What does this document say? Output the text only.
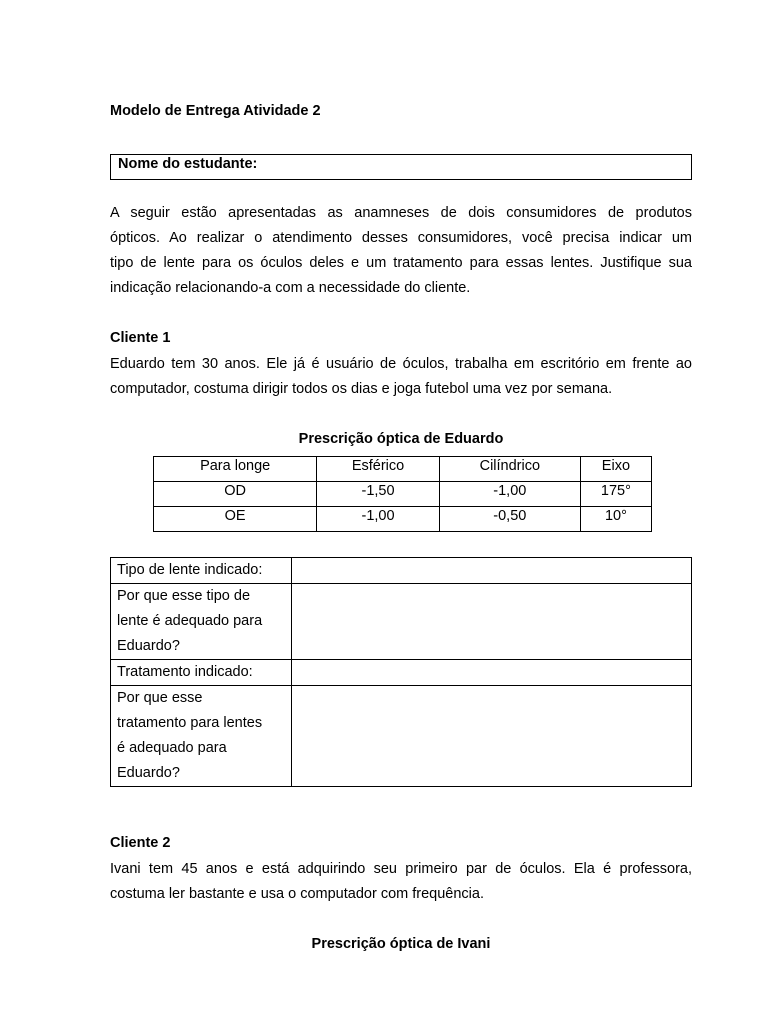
Modelo de Entrega Atividade 2
Nome do estudante:
A seguir estão apresentadas as anamneses de dois consumidores de produtos
ópticos. Ao realizar o atendimento desses consumidores, você precisa indicar um
tipo de lente para os óculos deles e um tratamento para essas lentes. Justifique sua
indicação relacionando-a com a necessidade do cliente.
Cliente 1
Eduardo tem 30 anos. Ele já é usuário de óculos, trabalha em escritório em frente ao
computador, costuma dirigir todos os dias e joga futebol uma vez por semana.
Prescrição óptica de Eduardo
Para longe	Esférico	Cilíndrico	Eixo
OD	-1,50	-1,00	175°
OE	-1,00	-0,50	10°
Tipo de lente indicado:	

Por que esse tipo de
lente é adequado para
Eduardo?	

Tratamento indicado:	

Por que esse
tratamento para lentes
é adequado para
Eduardo?	

Cliente 2
Ivani tem 45 anos e está adquirindo seu primeiro par de óculos. Ela é professora,
costuma ler bastante e usa o computador com frequência.
Prescrição óptica de Ivani
